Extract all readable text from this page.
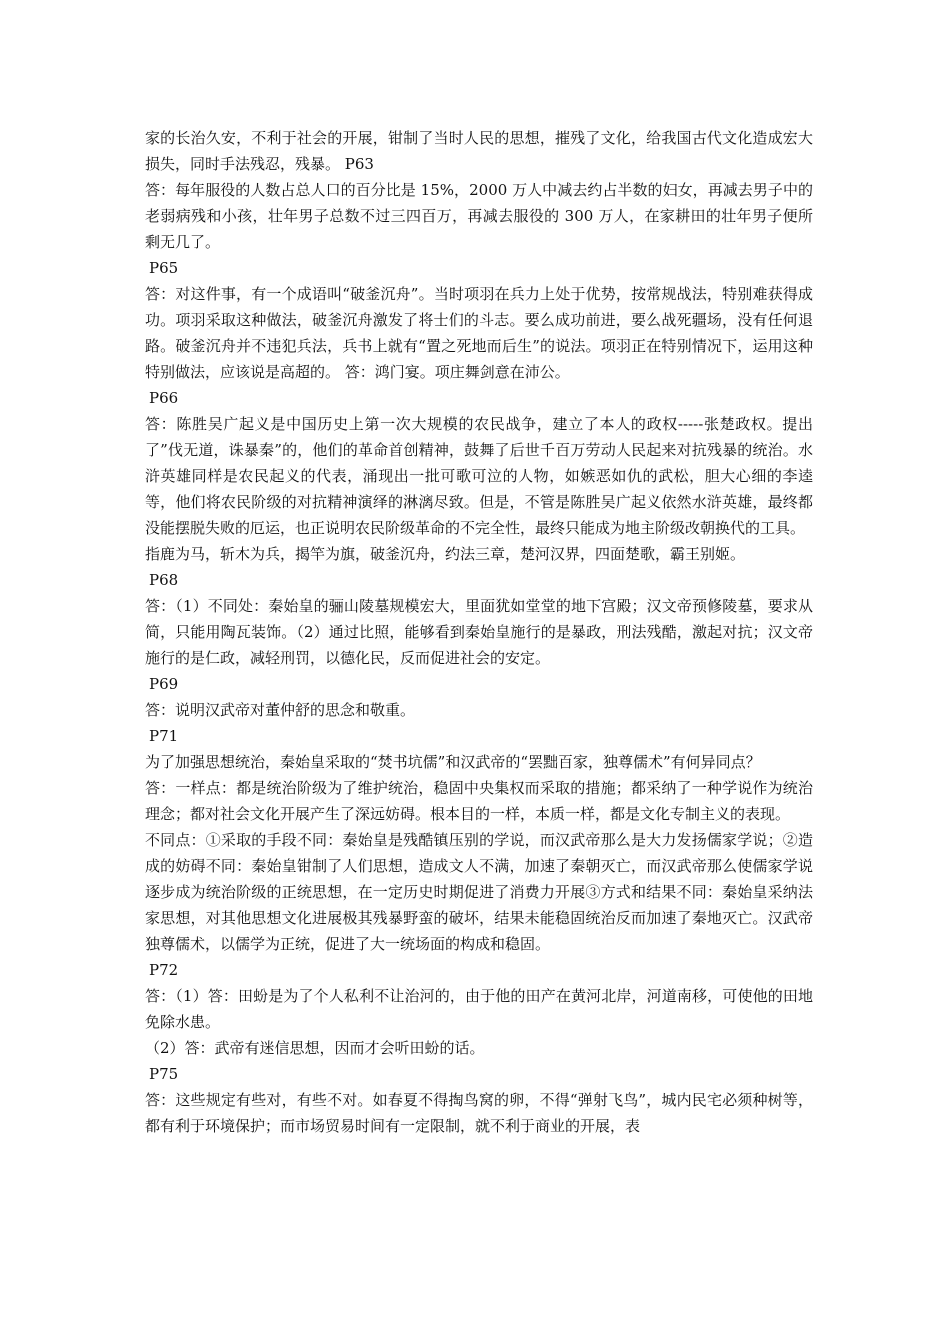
家的长治久安，不利于社会的开展，钳制了当时人民的思想，摧残了文化，给我国古代文化造成宏大损失，同时手法残忍，残暴。 P63

答：每年服役的人数占总人口的百分比是 15%，2000 万人中减去约占半数的妇女，再减去男子中的老弱病残和小孩，壮年男子总数不过三四百万，再减去服役的 300 万人，在家耕田的壮年男子便所剩无几了。

P65

答：对这件事，有一个成语叫“破釜沉舟”。当时项羽在兵力上处于优势，按常规战法，特别难获得成功。项羽采取这种做法，破釜沉舟激发了将士们的斗志。要么成功前进，要么战死疆场，没有任何退路。破釜沉舟并不违犯兵法，兵书上就有“置之死地而后生”的说法。项羽正在特别情况下，运用这种特别做法，应该说是高超的。 答：鸿门宴。项庄舞剑意在沛公。

P66

答：陈胜吴广起义是中国历史上第一次大规模的农民战争，建立了本人的政权-----张楚政权。提出了”伐无道，诛暴秦”的，他们的革命首创精神，鼓舞了后世千百万劳动人民起来对抗残暴的统治。水浒英雄同样是农民起义的代表，涌现出一批可歌可泣的人物，如嫉恶如仇的武松，胆大心细的李逵等，他们将农民阶级的对抗精神演绎的淋漓尽致。但是，不管是陈胜吴广起义依然水浒英雄，最终都没能摆脱失败的厄运，也正说明农民阶级革命的不完全性，最终只能成为地主阶级改朝换代的工具。

指鹿为马，斩木为兵，揭竿为旗，破釜沉舟，约法三章，楚河汉界，四面楚歌，霸王别姬。

P68

答：（1）不同处：秦始皇的骊山陵墓规模宏大，里面犹如堂堂的地下宫殿；汉文帝预修陵墓，要求从简，只能用陶瓦装饰。（2）通过比照，能够看到秦始皇施行的是暴政，刑法残酷，激起对抗；汉文帝施行的是仁政，减轻刑罚，以德化民，反而促进社会的安定。

P69

答：说明汉武帝对董仲舒的思念和敬重。

P71

为了加强思想统治，秦始皇采取的“焚书坑儒”和汉武帝的“罢黜百家，独尊儒术”有何异同点？

答：一样点：都是统治阶级为了维护统治，稳固中央集权而采取的措施；都采纳了一种学说作为统治理念；都对社会文化开展产生了深远妨碍。根本目的一样，本质一样，都是文化专制主义的表现。

不同点：①采取的手段不同：秦始皇是残酷镇压别的学说，而汉武帝那么是大力发扬儒家学说；②造成的妨碍不同：秦始皇钳制了人们思想，造成文人不满，加速了秦朝灭亡，而汉武帝那么使儒家学说逐步成为统治阶级的正统思想，在一定历史时期促进了消费力开展③方式和结果不同：秦始皇采纳法家思想，对其他思想文化进展极其残暴野蛮的破坏，结果未能稳固统治反而加速了秦地灭亡。汉武帝独尊儒术，以儒学为正统，促进了大一统场面的构成和稳固。

P72

答：（1）答：田蚡是为了个人私利不让治河的，由于他的田产在黄河北岸，河道南移，可使他的田地免除水患。

（2）答：武帝有迷信思想，因而才会听田蚡的话。

P75

答：这些规定有些对，有些不对。如春夏不得掏鸟窝的卵，不得“弹射飞鸟”，城内民宅必须种树等，都有利于环境保护；而市场贸易时间有一定限制，就不利于商业的开展，表
